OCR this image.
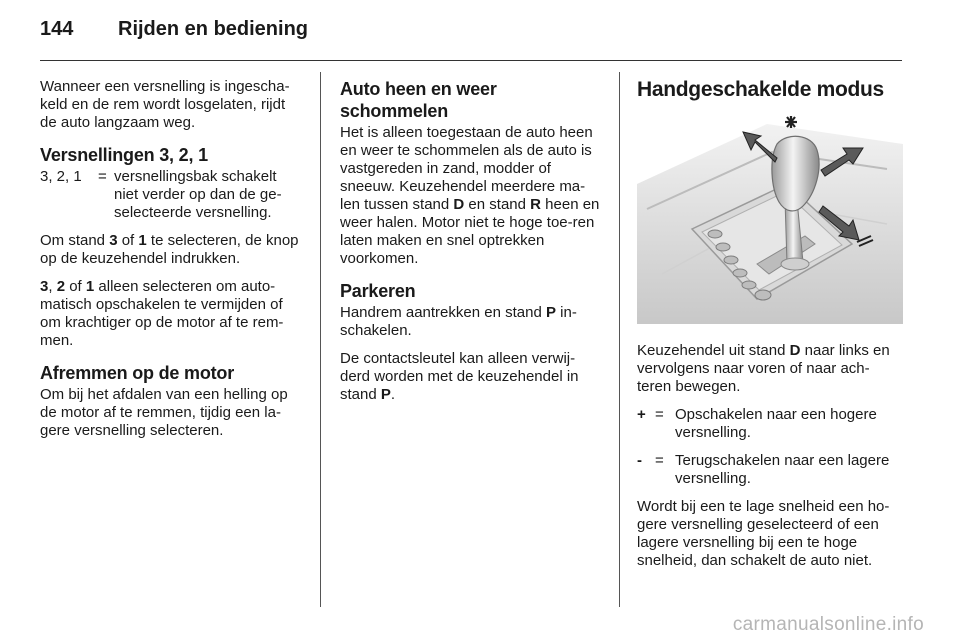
144	Rijden en bediening

Wanneer een versnelling is ingescha-keld en de rem wordt losgelaten, rijdt de auto langzaam weg.

Versnellingen 3, 2, 1
3, 2, 1	= versnellingsbak schakelt niet verder op dan de ge-selecteerde versnelling.

Om stand 3 of 1 te selecteren, de knop op de keuzehendel indrukken.

3, 2 of 1 alleen selecteren om auto-matisch opschakelen te vermijden of om krachtiger op de motor af te rem-men.

Afremmen op de motor

Om bij het afdalen van een helling op de motor af te remmen, tijdig een la-gere versnelling selecteren.

Auto heen en weer schommelen

Het is alleen toegestaan de auto heen en weer te schommelen als de auto is vastgereden in zand, modder of sneeuw. Keuzehendel meerdere ma-len tussen stand D en stand R heen en weer halen. Motor niet te hoge toe-ren laten maken en snel optrekken voorkomen.

Parkeren

Handrem aantrekken en stand P in-schakelen.

De contactsleutel kan alleen verwij-derd worden met de keuzehendel in stand P.

Handgeschakelde modus

Keuzehendel uit stand D naar links en vervolgens naar voren of naar ach-teren bewegen.

+ = Opschakelen naar een hogere versnelling.
- = Terugschakelen naar een lagere versnelling.

Wordt bij een te lage snelheid een ho-gere versnelling geselecteerd of een lagere versnelling bij een te hoge snelheid, dan schakelt de auto niet.

carmanualsonline.info
